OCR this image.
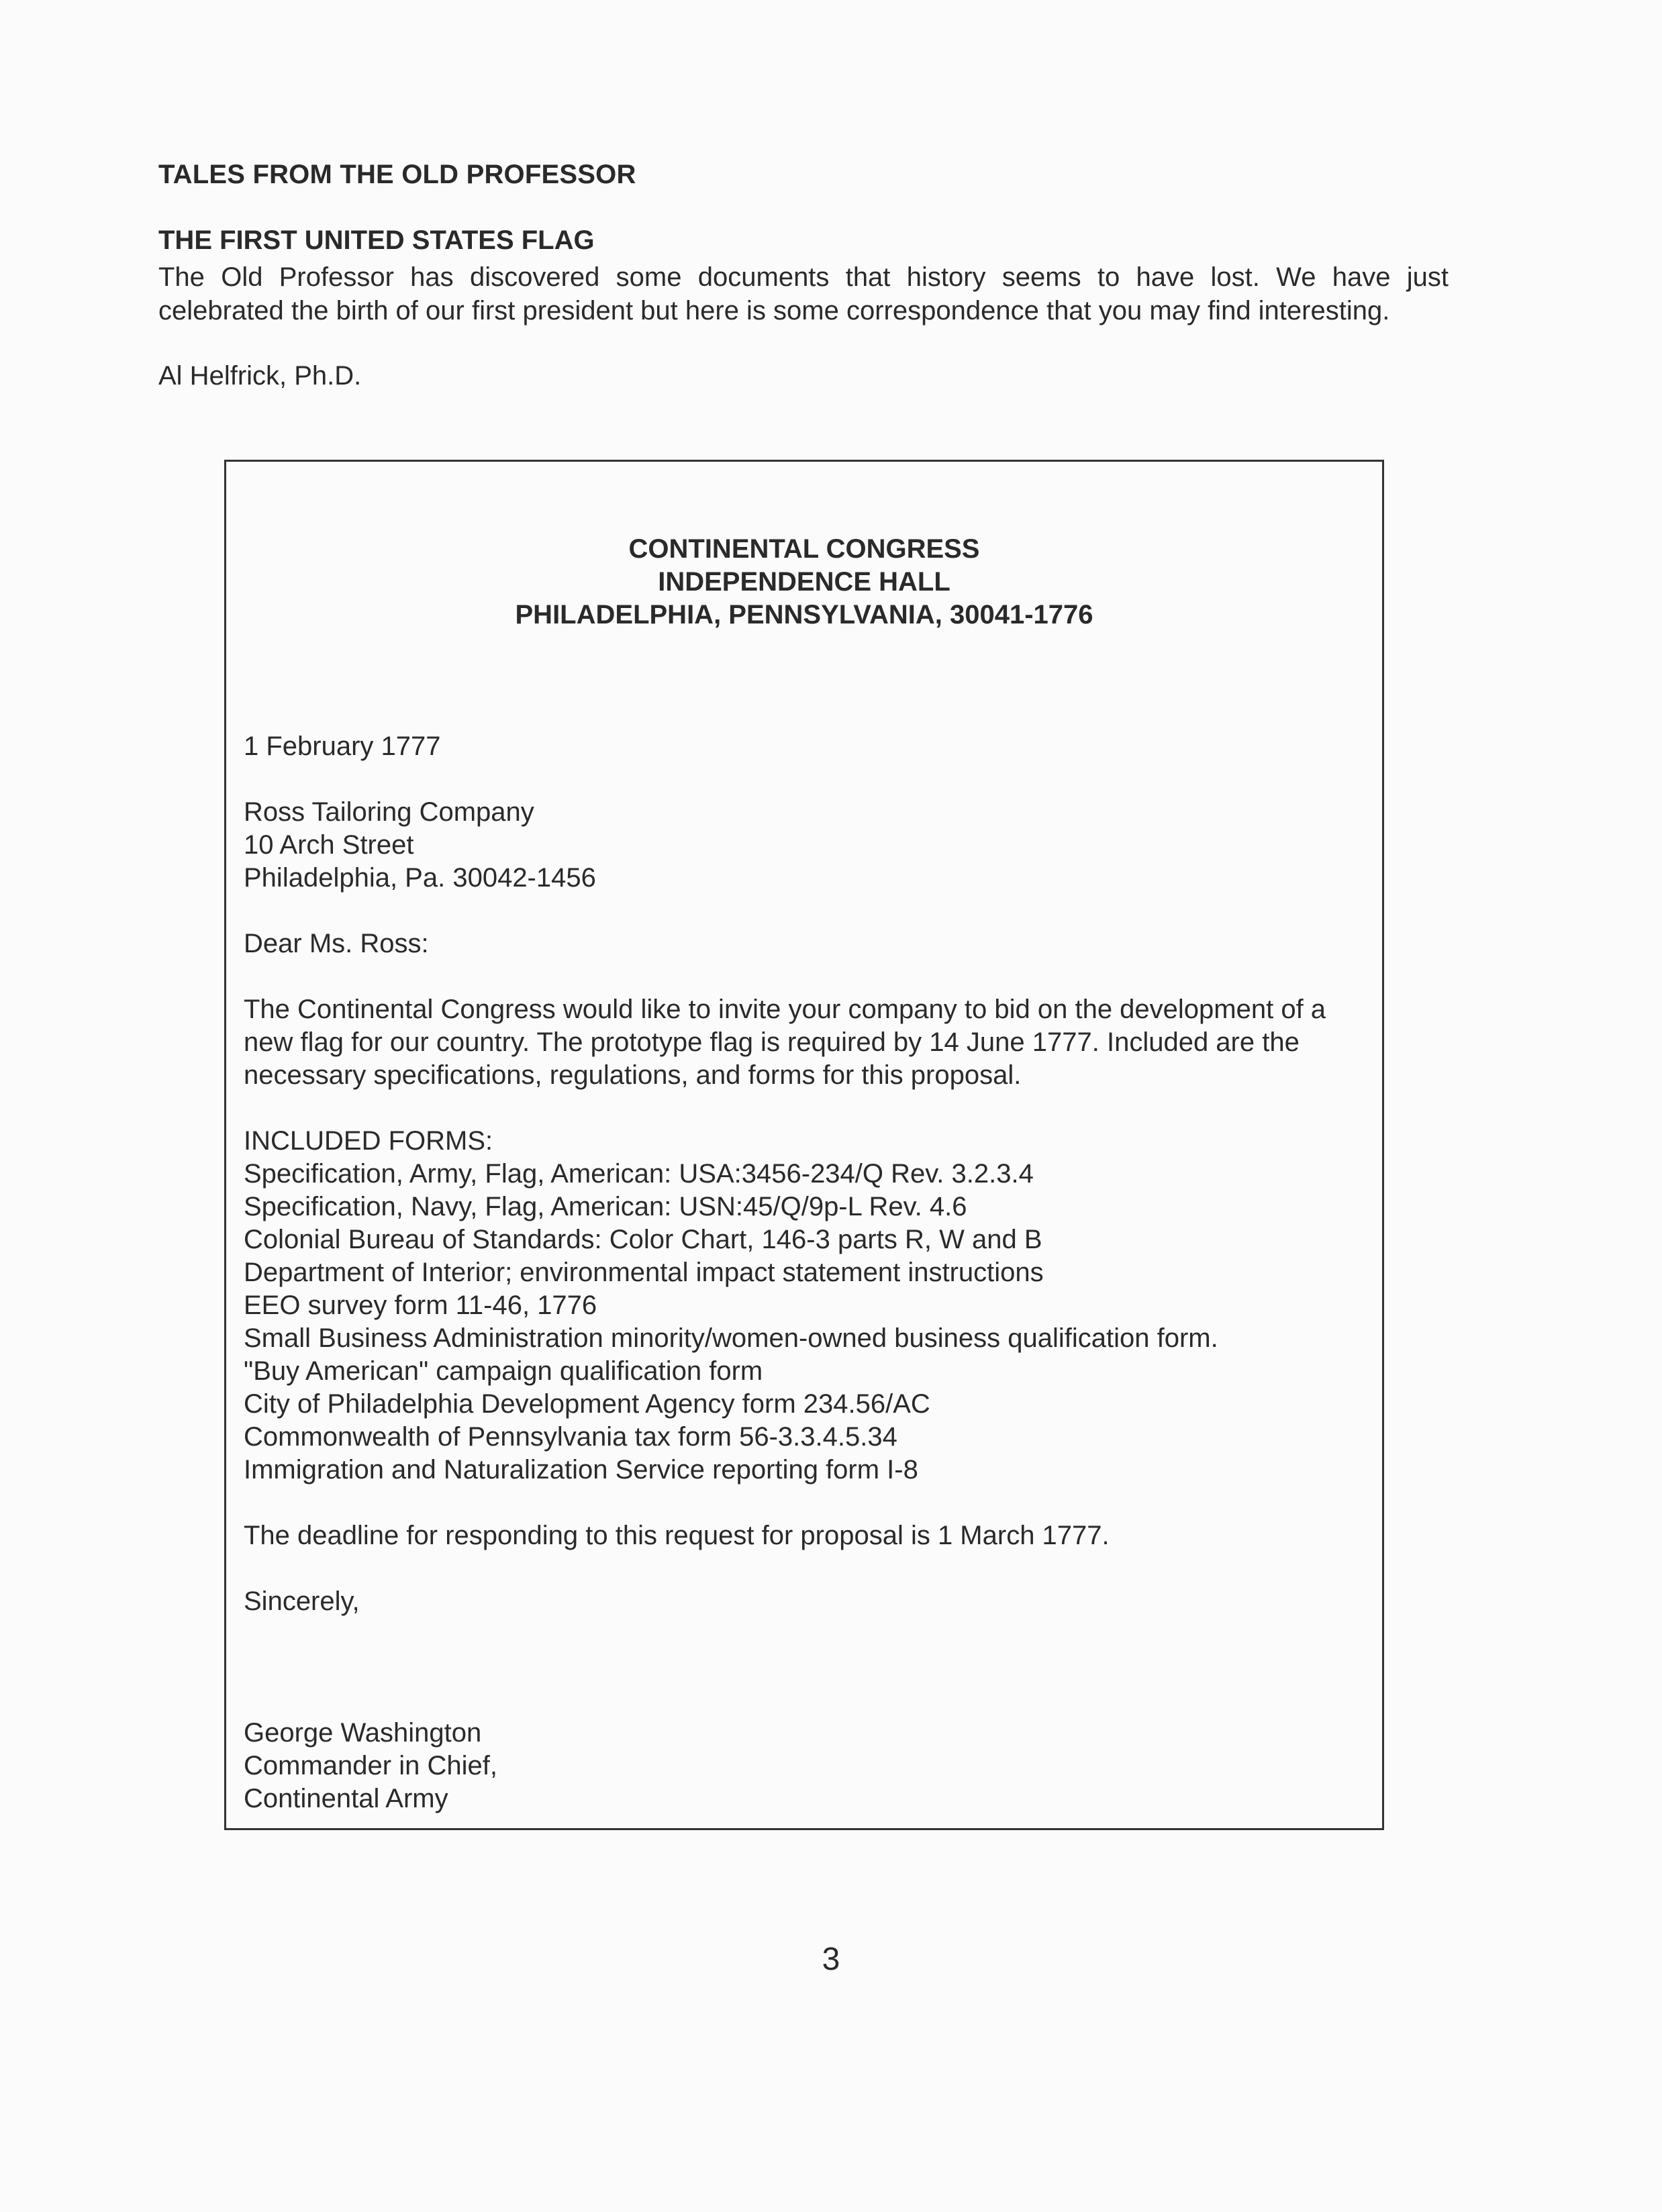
TALES FROM THE OLD PROFESSOR
THE FIRST UNITED STATES FLAG
The Old Professor has discovered some documents that history seems to have lost. We have just celebrated the birth of our first president but here is some correspondence that you may find interesting.
Al Helfrick, Ph.D.
CONTINENTAL CONGRESS
INDEPENDENCE HALL
PHILADELPHIA, PENNSYLVANIA, 30041-1776

1 February 1777

Ross Tailoring Company
10 Arch Street
Philadelphia, Pa. 30042-1456

Dear Ms. Ross:

The Continental Congress would like to invite your company to bid on the development of a new flag for our country. The prototype flag is required by 14 June 1777. Included are the necessary specifications, regulations, and forms for this proposal.

INCLUDED FORMS:
Specification, Army, Flag, American: USA:3456-234/Q Rev. 3.2.3.4
Specification, Navy, Flag, American: USN:45/Q/9p-L Rev. 4.6
Colonial Bureau of Standards: Color Chart, 146-3 parts R, W and B
Department of Interior; environmental impact statement instructions
EEO survey form 11-46, 1776
Small Business Administration minority/women-owned business qualification form.
"Buy American" campaign qualification form
City of Philadelphia Development Agency form 234.56/AC
Commonwealth of Pennsylvania tax form 56-3.3.4.5.34
Immigration and Naturalization Service reporting form I-8

The deadline for responding to this request for proposal is 1 March 1777.

Sincerely,

George Washington
Commander in Chief,
Continental Army

3
